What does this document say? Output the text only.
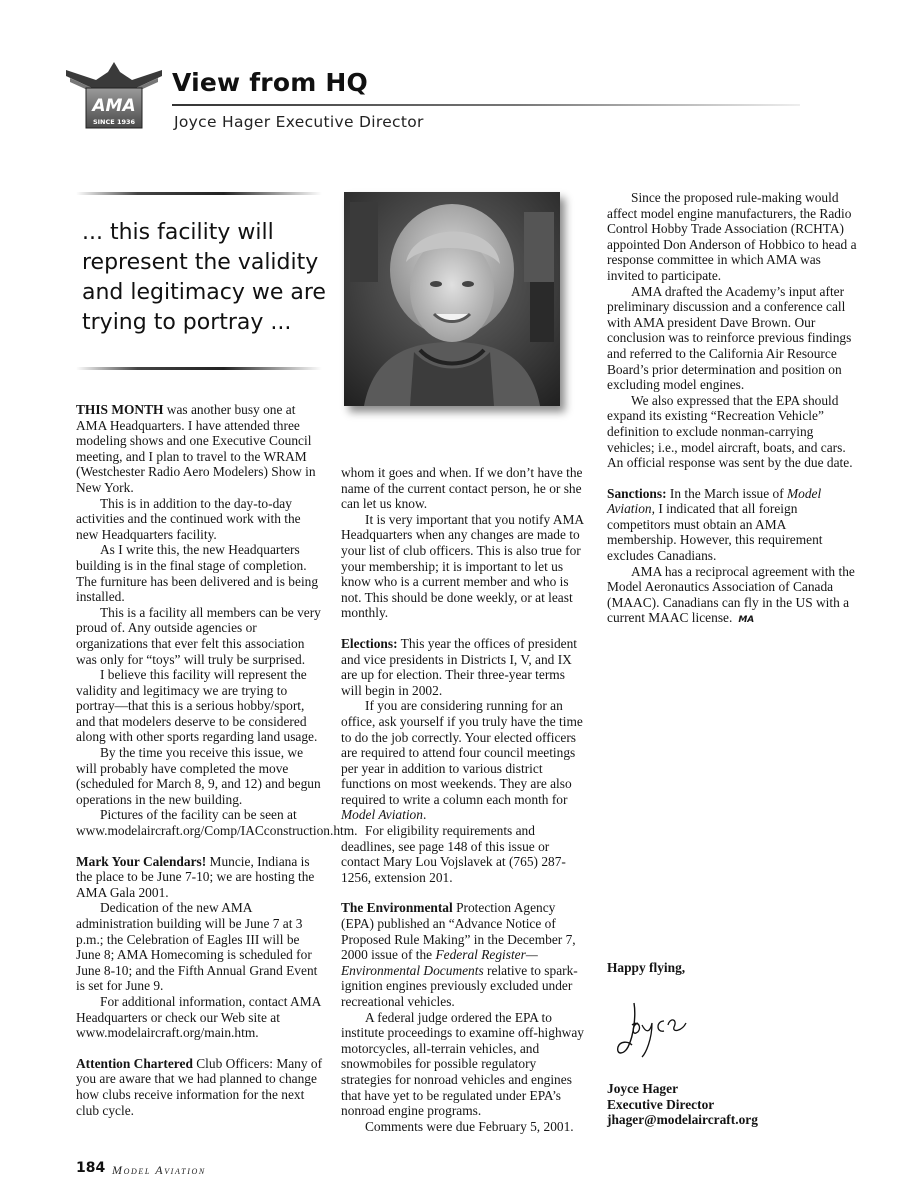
AMA
SINCE 1936
View from HQ
Joyce Hager Executive Director
... this facility will represent the validity and legitimacy we are trying to portray ...

THIS MONTH was another busy one at AMA Headquarters. I have attended three modeling shows and one Executive Council meeting, and I plan to travel to the WRAM (Westchester Radio Aero Modelers) Show in New York.

This is in addition to the day-to-day activities and the continued work with the new Headquarters facility.

As I write this, the new Headquarters building is in the final stage of completion. The furniture has been delivered and is being installed.

This is a facility all members can be very proud of. Any outside agencies or organizations that ever felt this association was only for “toys” will truly be surprised.

I believe this facility will represent the validity and legitimacy we are trying to portray—that this is a serious hobby/sport, and that modelers deserve to be considered along with other sports regarding land usage.

By the time you receive this issue, we will probably have completed the move (scheduled for March 8, 9, and 12) and begun operations in the new building.

Pictures of the facility can be seen at www.modelaircraft.org/Comp/IACconstruction.htm.

Mark Your Calendars! Muncie, Indiana is the place to be June 7-10; we are hosting the AMA Gala 2001.

Dedication of the new AMA administration building will be June 7 at 3 p.m.; the Celebration of Eagles III will be June 8; AMA Homecoming is scheduled for June 8-10; and the Fifth Annual Grand Event is set for June 9.

For additional information, contact AMA Headquarters or check our Web site at www.modelaircraft.org/main.htm.

Attention Chartered Club Officers: Many of you are aware that we had planned to change how clubs receive information for the next club cycle.

whom it goes and when. If we don’t have the name of the current contact person, he or she can let us know.

It is very important that you notify AMA Headquarters when any changes are made to your list of club officers. This is also true for your membership; it is important to let us know who is a current member and who is not. This should be done weekly, or at least monthly.

Elections: This year the offices of president and vice presidents in Districts I, V, and IX are up for election. Their three-year terms will begin in 2002.

If you are considering running for an office, ask yourself if you truly have the time to do the job correctly. Your elected officers are required to attend four council meetings per year in addition to various district functions on most weekends. They are also required to write a column each month for Model Aviation.

For eligibility requirements and deadlines, see page 148 of this issue or contact Mary Lou Vojslavek at (765) 287-1256, extension 201.

The Environmental Protection Agency (EPA) published an “Advance Notice of Proposed Rule Making” in the December 7, 2000 issue of the Federal Register—Environmental Documents relative to spark-ignition engines previously excluded under recreational vehicles.

A federal judge ordered the EPA to institute proceedings to examine off-highway motorcycles, all-terrain vehicles, and snowmobiles for possible regulatory strategies for nonroad vehicles and engines that have yet to be regulated under EPA’s nonroad engine programs.

Comments were due February 5, 2001.

Since the proposed rule-making would affect model engine manufacturers, the Radio Control Hobby Trade Association (RCHTA) appointed Don Anderson of Hobbico to head a response committee in which AMA was invited to participate.

AMA drafted the Academy’s input after preliminary discussion and a conference call with AMA president Dave Brown. Our conclusion was to reinforce previous findings and referred to the California Air Resource Board’s prior determination and position on excluding model engines.

We also expressed that the EPA should expand its existing “Recreation Vehicle” definition to exclude nonman-carrying vehicles; i.e., model aircraft, boats, and cars. An official response was sent by the due date.

Sanctions: In the March issue of Model Aviation, I indicated that all foreign competitors must obtain an AMA membership. However, this requirement excludes Canadians.

AMA has a reciprocal agreement with the Model Aeronautics Association of Canada (MAAC). Canadians can fly in the US with a current MAAC license. MA

Happy flying,
Joyce
Joyce Hager
Executive Director
jhager@modelaircraft.org
184 Model Aviation
